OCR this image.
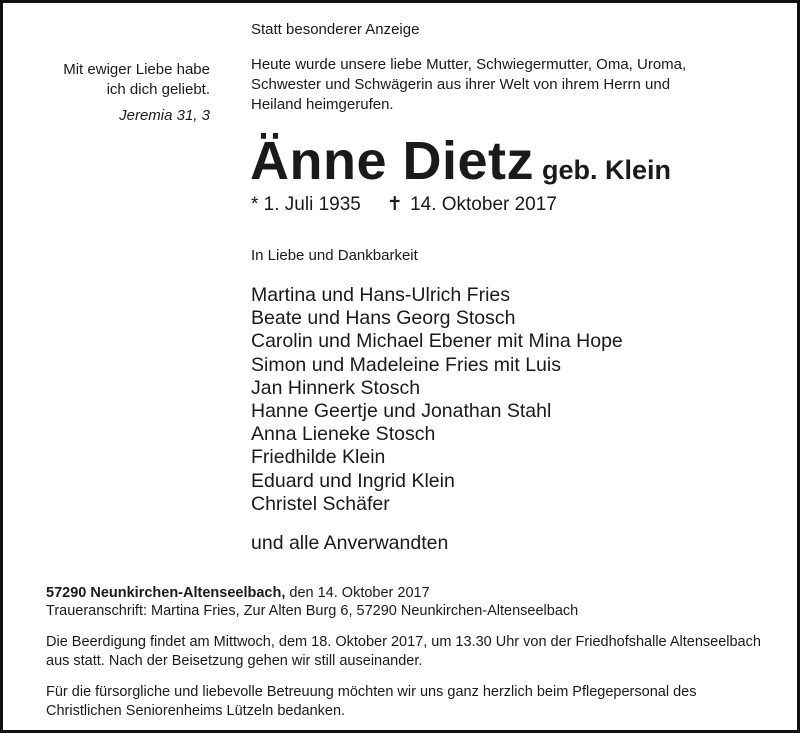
Mit ewiger Liebe habe
ich dich geliebt.
Jeremia 31, 3
Statt besonderer Anzeige
Heute wurde unsere liebe Mutter, Schwiegermutter, Oma, Uroma,
Schwester und Schwägerin aus ihrer Welt von ihrem Herrn und
Heiland heimgerufen.
Änne Dietz geb. Klein
* 1. Juli 1935 ✝ 14. Oktober 2017
In Liebe und Dankbarkeit
Martina und Hans-Ulrich Fries
Beate und Hans Georg Stosch
Carolin und Michael Ebener mit Mina Hope
Simon und Madeleine Fries mit Luis
Jan Hinnerk Stosch
Hanne Geertje und Jonathan Stahl
Anna Lieneke Stosch
Friedhilde Klein
Eduard und Ingrid Klein
Christel Schäfer
und alle Anverwandten
57290 Neunkirchen-Altenseelbach, den 14. Oktober 2017
Traueranschrift: Martina Fries, Zur Alten Burg 6, 57290 Neunkirchen-Altenseelbach
Die Beerdigung findet am Mittwoch, dem 18. Oktober 2017, um 13.30 Uhr von der Friedhofshalle Altenseelbach
aus statt. Nach der Beisetzung gehen wir still auseinander.
Für die fürsorgliche und liebevolle Betreuung möchten wir uns ganz herzlich beim Pflegepersonal des
Christlichen Seniorenheims Lützeln bedanken.
